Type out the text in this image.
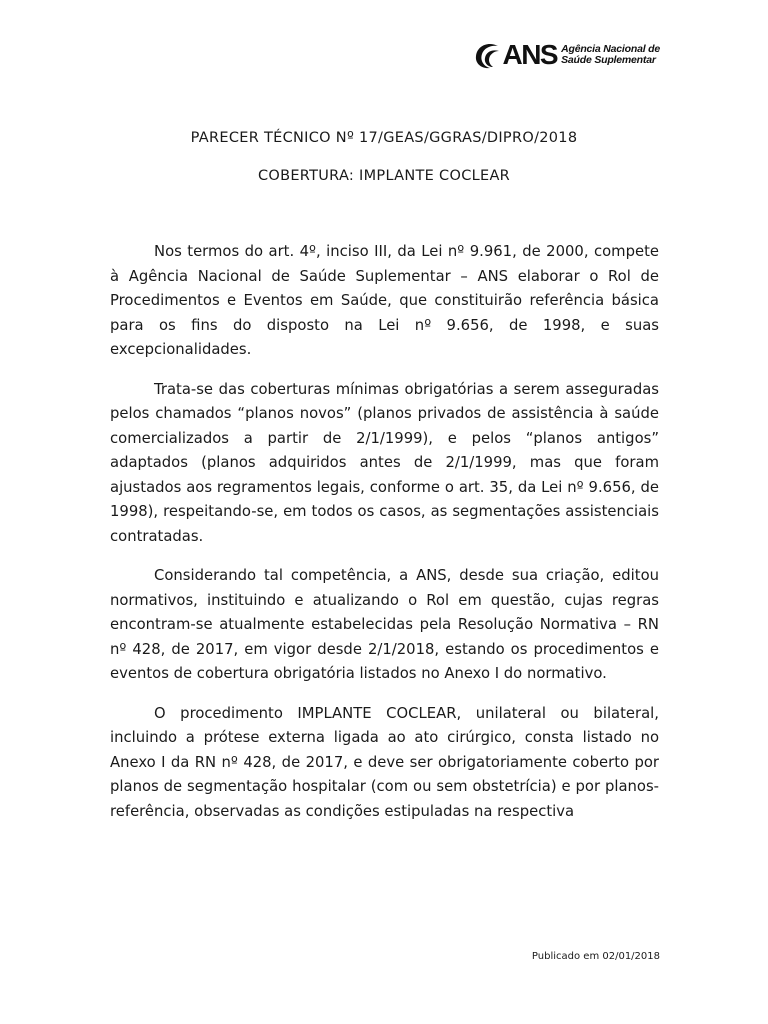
ANS Agência Nacional de
Saúde Suplementar
PARECER TÉCNICO Nº 17/GEAS/GGRAS/DIPRO/2018
COBERTURA: IMPLANTE COCLEAR

Nos termos do art. 4º, inciso III, da Lei nº 9.961, de 2000, compete à Agência Nacional de Saúde Suplementar – ANS elaborar o Rol de Procedimentos e Eventos em Saúde, que constituirão referência básica para os fins do disposto na Lei nº 9.656, de 1998, e suas excepcionalidades.

Trata-se das coberturas mínimas obrigatórias a serem asseguradas pelos chamados “planos novos” (planos privados de assistência à saúde comercializados a partir de 2/1/1999), e pelos “planos antigos” adaptados (planos adquiridos antes de 2/1/1999, mas que foram ajustados aos regramentos legais, conforme o art. 35, da Lei nº 9.656, de 1998), respeitando-se, em todos os casos, as segmentações assistenciais contratadas.

Considerando tal competência, a ANS, desde sua criação, editou normativos, instituindo e atualizando o Rol em questão, cujas regras encontram-se atualmente estabelecidas pela Resolução Normativa – RN nº 428, de 2017, em vigor desde 2/1/2018, estando os procedimentos e eventos de cobertura obrigatória listados no Anexo I do normativo.

O procedimento IMPLANTE COCLEAR, unilateral ou bilateral, incluindo a prótese externa ligada ao ato cirúrgico, consta listado no Anexo I da RN nº 428, de 2017, e deve ser obrigatoriamente coberto por planos de segmentação hospitalar (com ou sem obstetrícia) e por planos-referência, observadas as condições estipuladas na respectiva

Publicado em 02/01/2018
